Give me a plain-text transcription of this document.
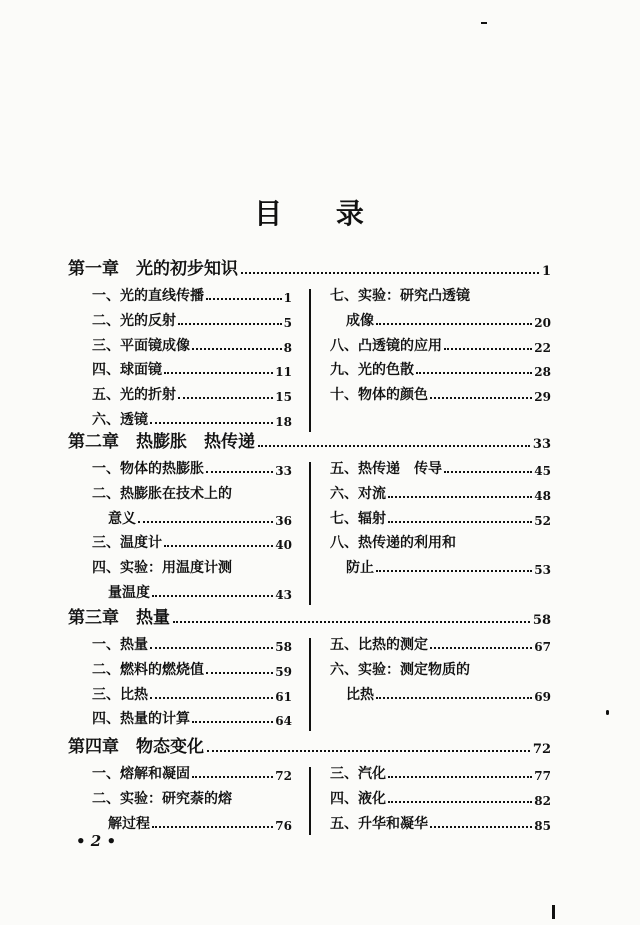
目 录
第一章　光的初步知识	1
一、光的直线传播	1
二、光的反射	5
三、平面镜成像	8
四、球面镜	11
五、光的折射	15
六、透镜	18
七、实验：研究凸透镜
成像	20
八、凸透镜的应用	22
九、光的色散	28
十、物体的颜色	29
第二章　热膨胀　热传递	33
一、物体的热膨胀	33
二、热膨胀在技术上的
意义	36
三、温度计	40
四、实验：用温度计测
量温度	43
五、热传递　传导	45
六、对流	48
七、辐射	52
八、热传递的利用和
防止	53
第三章　热量	58
一、热量	58
二、燃料的燃烧值	59
三、比热	61
四、热量的计算	64
五、比热的测定	67
六、实验：测定物质的
比热	69
第四章　物态变化	72
一、熔解和凝固	72
二、实验：研究萘的熔
解过程	76
三、汽化	77
四、液化	82
五、升华和凝华	85
• 2 •
